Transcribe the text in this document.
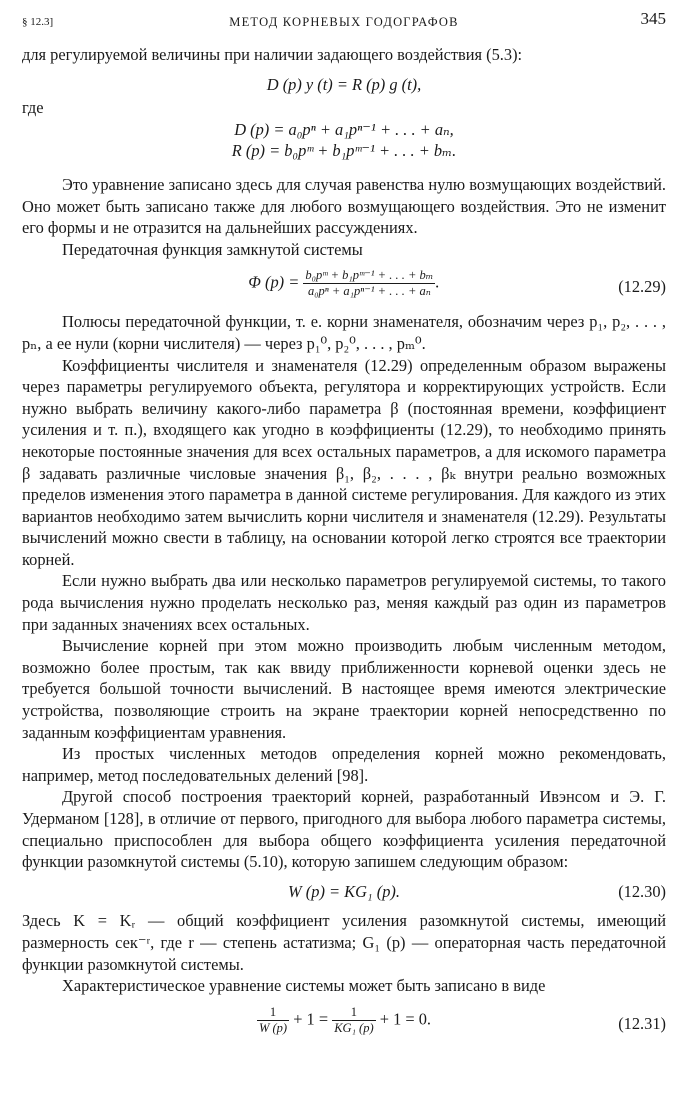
§ 12.3]	МЕТОД КОРНЕВЫХ ГОДОГРАФОВ	345

для регулируемой величины при наличии задающего воздействия (5.3):

D (p) y (t) = R (p) g (t),
где
D (p) = a₀pⁿ + a₁pⁿ⁻¹ + . . . + aₙ,
R (p) = b₀pᵐ + b₁pᵐ⁻¹ + . . . + bₘ.

Это уравнение записано здесь для случая равенства нулю возмущающих воздействий. Оно может быть записано также для любого возмущающего воздействия. Это не изменит его формы и не отразится на дальнейших рассуждениях.

Передаточная функция замкнутой системы

Φ $(p) = \frac{\text{b₀pᵐ + b₁pᵐ⁻¹ + . . . + bₘ}}{\text{a₀pⁿ + a₁pⁿ⁻¹ + . . . + aₙ}}$ .	(12.29)

Полюсы передаточной функции, т. е. корни знаменателя, обозначим через p₁, p₂, . . . , pₙ, а ее нули (корни числителя) — через p₁⁰, p₂⁰, . . . , pₘ⁰.

Коэффициенты числителя и знаменателя (12.29) определенным образом выражены через параметры регулируемого объекта, регулятора и корректирующих устройств. Если нужно выбрать величину какого-либо параметра β (постоянная времени, коэффициент усиления и т. п.), входящего как угодно в коэффициенты (12.29), то необходимо принять некоторые постоянные значения для всех остальных параметров, а для искомого параметра β задавать различные числовые значения β₁, β₂, . . . , βₖ внутри реально возможных пределов изменения этого параметра в данной системе регулирования. Для каждого из этих вариантов необходимо затем вычислить корни числителя и знаменателя (12.29). Результаты вычислений можно свести в таблицу, на основании которой легко строятся все траектории корней.

Если нужно выбрать два или несколько параметров регулируемой системы, то такого рода вычисления нужно проделать несколько раз, меняя каждый раз один из параметров при заданных значениях всех остальных.

Вычисление корней при этом можно производить любым численным методом, возможно более простым, так как ввиду приближенности корневой оценки здесь не требуется большой точности вычислений. В настоящее время имеются электрические устройства, позволяющие строить на экране траектории корней непосредственно по заданным коэффициентам уравнения.

Из простых численных методов определения корней можно рекомендовать, например, метод последовательных делений [98].

Другой способ построения траекторий корней, разработанный Ивэнсом и Э. Г. Удерманом [128], в отличие от первого, пригодного для выбора любого параметра системы, специально приспособлен для выбора общего коэффициента усиления передаточной функции разомкнутой системы (5.10), которую запишем следующим образом:

W (p) = KG₁ (p).	(12.30)

Здесь K = Kᵣ — общий коэффициент усиления разомкнутой системы, имеющий размерность сек⁻ʳ, где r — степень астатизма; G₁ (p) — операторная часть передаточной функции разомкнутой системы.

Характеристическое уравнение системы может быть записано в виде

$\frac{1}{W (p)} + 1 = \frac{1}{\text{KG₁ (p)}} + 1 = 0$.	(12.31)
